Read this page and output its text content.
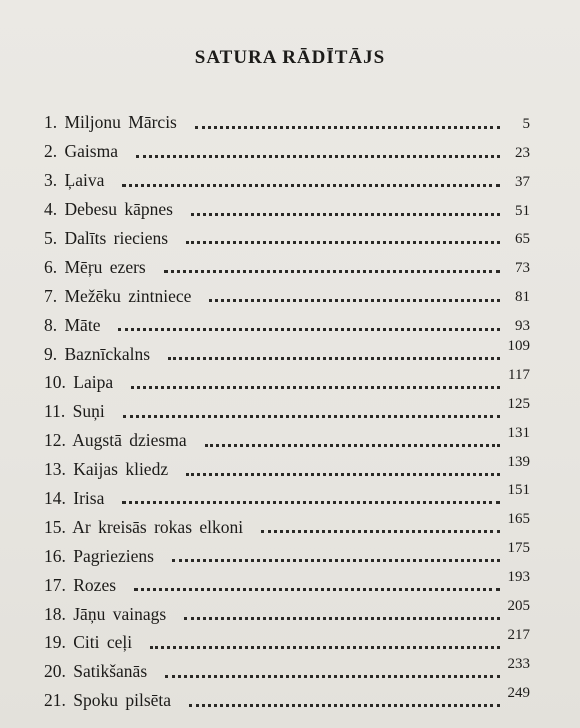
SATURA RĀDĪTĀJS
1. Miljonu Mārcis	5
2. Gaisma	23
3. Ļaiva	37
4. Debesu kāpnes	51
5. Dalīts rieciens	65
6. Mēŗu ezers	73
7. Mežēku zintniece	81
8. Māte	93
9. Baznīckalns	109
10. Laipa	117
11. Suņi	125
12. Augstā dziesma	131
13. Kaijas kliedz	139
14. Irisa	151
15. Ar kreisās rokas elkoni	165
16. Pagrieziens	175
17. Rozes	193
18. Jāņu vainags	205
19. Citi ceļi	217
20. Satikšanās	233
21. Spoku pilsēta	249
